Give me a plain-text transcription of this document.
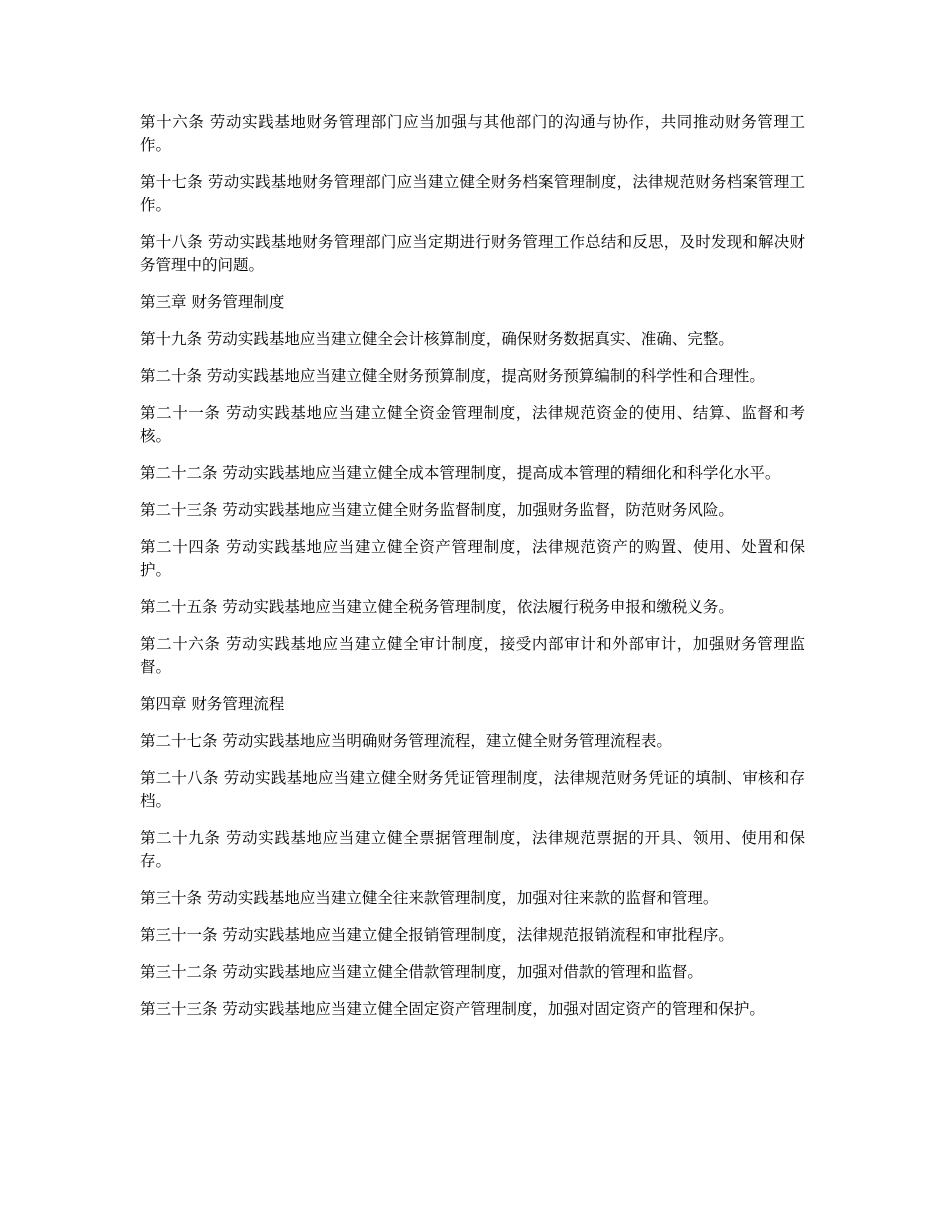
第十六条 劳动实践基地财务管理部门应当加强与其他部门的沟通与协作，共同推动财务管理工作。

第十七条 劳动实践基地财务管理部门应当建立健全财务档案管理制度，法律规范财务档案管理工作。

第十八条 劳动实践基地财务管理部门应当定期进行财务管理工作总结和反思，及时发现和解决财务管理中的问题。

第三章 财务管理制度

第十九条 劳动实践基地应当建立健全会计核算制度，确保财务数据真实、准确、完整。

第二十条 劳动实践基地应当建立健全财务预算制度，提高财务预算编制的科学性和合理性。

第二十一条 劳动实践基地应当建立健全资金管理制度，法律规范资金的使用、结算、监督和考核。

第二十二条 劳动实践基地应当建立健全成本管理制度，提高成本管理的精细化和科学化水平。

第二十三条 劳动实践基地应当建立健全财务监督制度，加强财务监督，防范财务风险。

第二十四条 劳动实践基地应当建立健全资产管理制度，法律规范资产的购置、使用、处置和保护。

第二十五条 劳动实践基地应当建立健全税务管理制度，依法履行税务申报和缴税义务。

第二十六条 劳动实践基地应当建立健全审计制度，接受内部审计和外部审计，加强财务管理监督。

第四章 财务管理流程

第二十七条 劳动实践基地应当明确财务管理流程，建立健全财务管理流程表。

第二十八条 劳动实践基地应当建立健全财务凭证管理制度，法律规范财务凭证的填制、审核和存档。

第二十九条 劳动实践基地应当建立健全票据管理制度，法律规范票据的开具、领用、使用和保存。

第三十条 劳动实践基地应当建立健全往来款管理制度，加强对往来款的监督和管理。

第三十一条 劳动实践基地应当建立健全报销管理制度，法律规范报销流程和审批程序。

第三十二条 劳动实践基地应当建立健全借款管理制度，加强对借款的管理和监督。

第三十三条 劳动实践基地应当建立健全固定资产管理制度，加强对固定资产的管理和保护。
